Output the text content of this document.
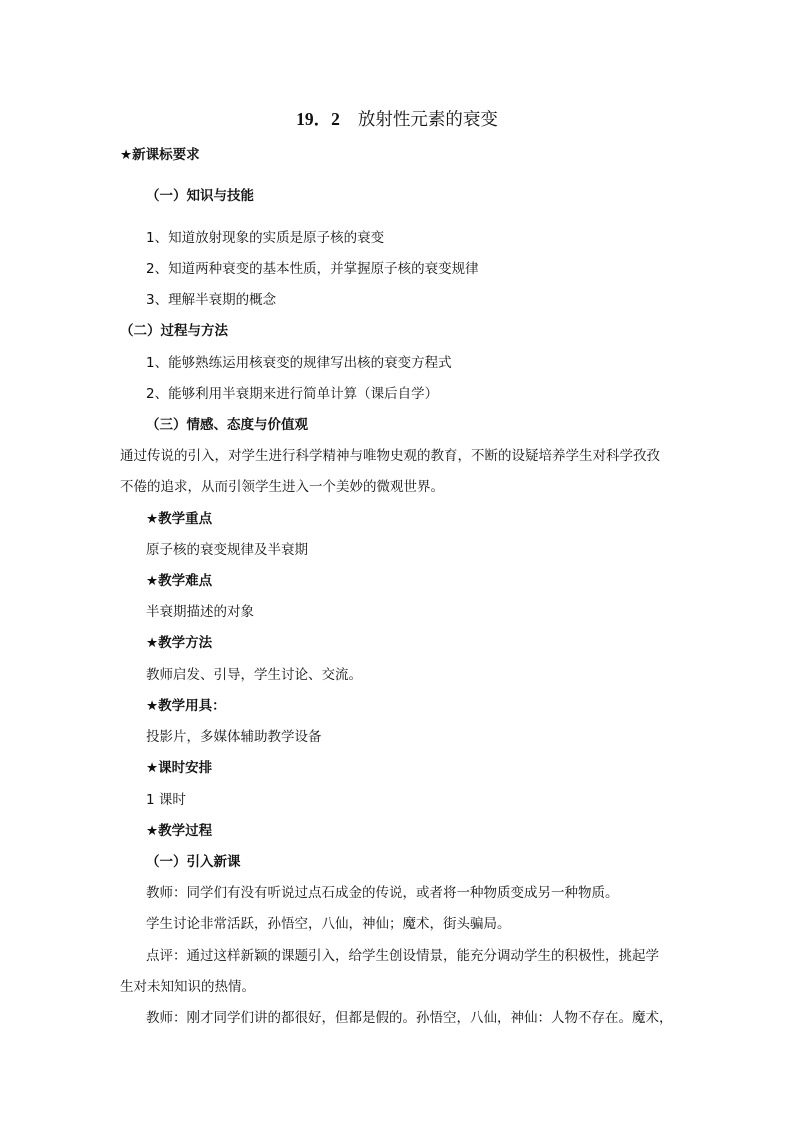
19．2 放射性元素的衰变
★新课标要求
（一）知识与技能
1、知道放射现象的实质是原子核的衰变
2、知道两种衰变的基本性质，并掌握原子核的衰变规律
3、理解半衰期的概念
（二）过程与方法
1、能够熟练运用核衰变的规律写出核的衰变方程式
2、能够利用半衰期来进行简单计算（课后自学）
（三）情感、态度与价值观
通过传说的引入，对学生进行科学精神与唯物史观的教育，不断的设疑培养学生对科学孜孜
不倦的追求，从而引领学生进入一个美妙的微观世界。
★教学重点
原子核的衰变规律及半衰期
★教学难点
半衰期描述的对象
★教学方法
教师启发、引导，学生讨论、交流。
★教学用具：
投影片，多媒体辅助教学设备
★课时安排
1 课时
★教学过程
（一）引入新课
教师：同学们有没有听说过点石成金的传说，或者将一种物质变成另一种物质。
学生讨论非常活跃，孙悟空，八仙，神仙；魔术，街头骗局。
点评：通过这样新颖的课题引入，给学生创设情景，能充分调动学生的积极性，挑起学
生对未知知识的热情。
教师：刚才同学们讲的都很好，但都是假的。孙悟空，八仙，神仙：人物不存在。魔术，
